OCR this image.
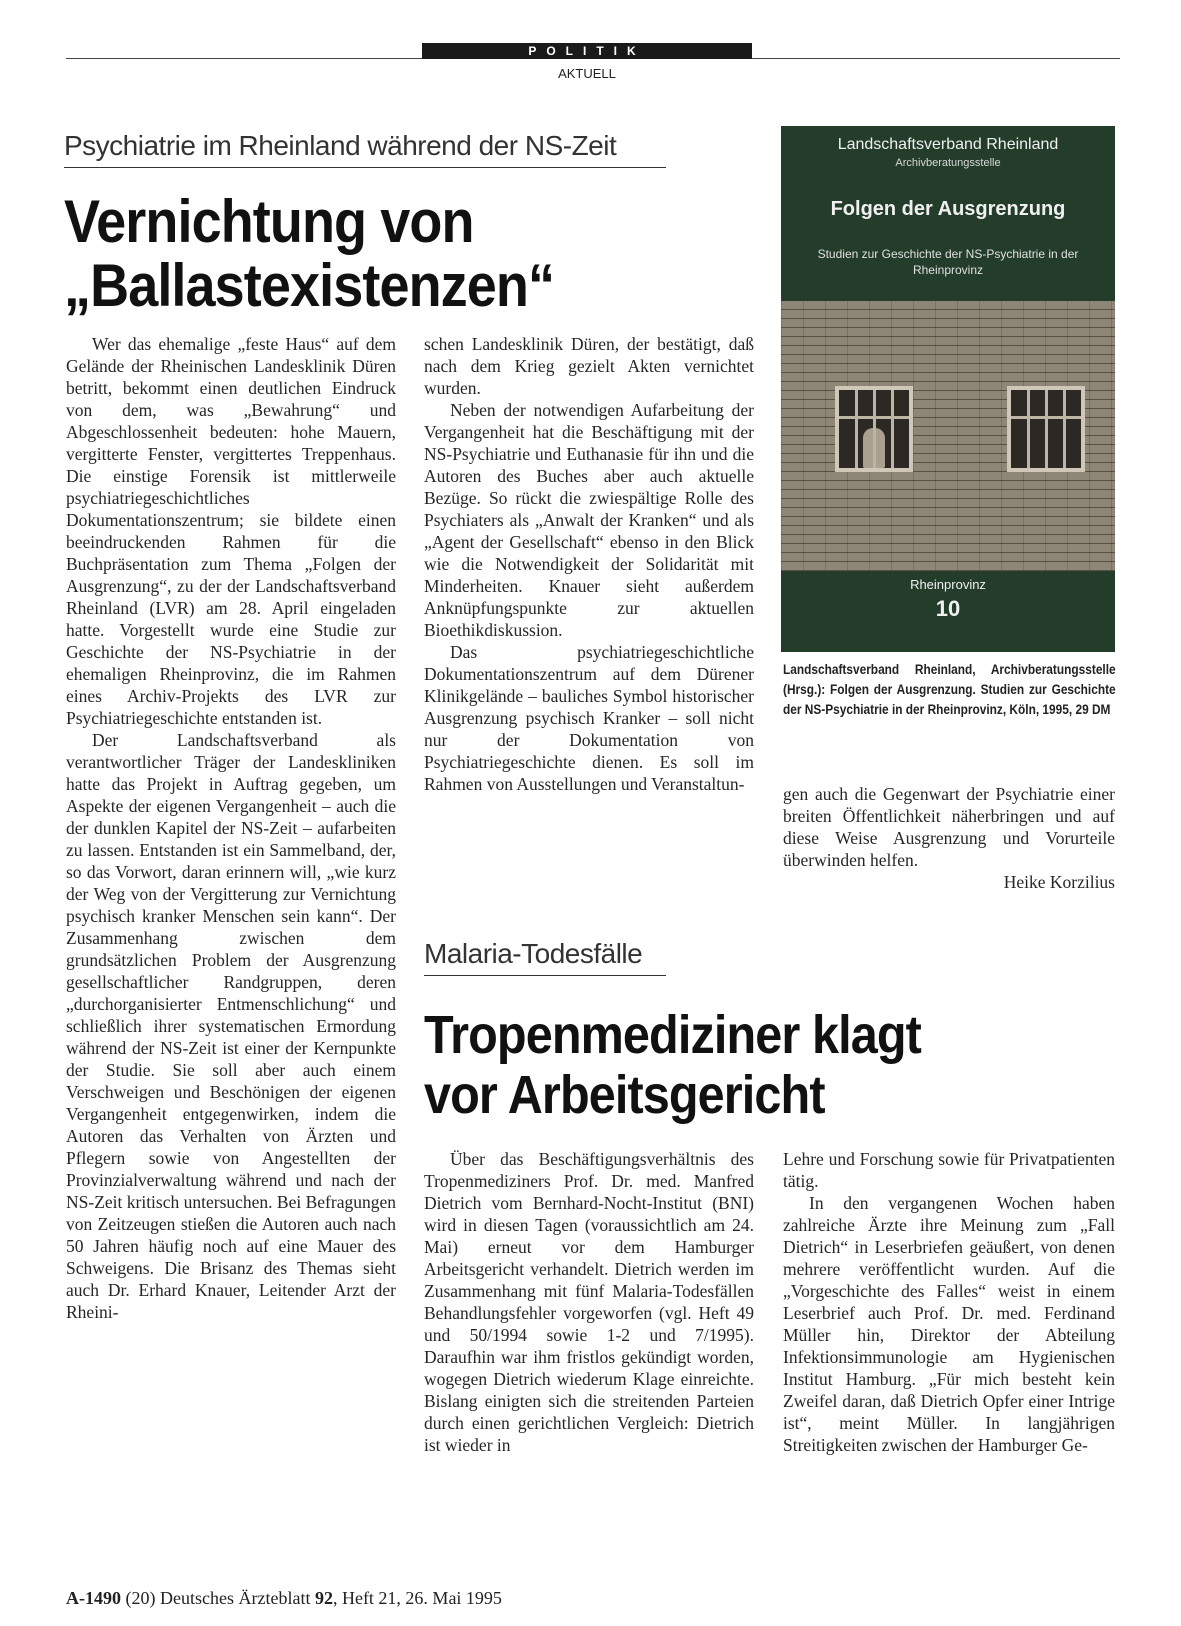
POLITIK
AKTUELL
Psychiatrie im Rheinland während der NS-Zeit
Vernichtung von
„Ballastexistenzen“

Wer das ehemalige „feste Haus“ auf dem Gelände der Rheinischen Landesklinik Düren betritt, bekommt einen deutlichen Eindruck von dem, was „Bewahrung“ und Abgeschlossenheit bedeuten: hohe Mauern, vergitterte Fenster, vergittertes Treppenhaus. Die einstige Forensik ist mittlerweile psychiatriegeschichtliches Dokumentationszentrum; sie bildete einen beeindruckenden Rahmen für die Buchpräsentation zum Thema „Folgen der Ausgrenzung“, zu der der Landschaftsverband Rheinland (LVR) am 28. April eingeladen hatte. Vorgestellt wurde eine Studie zur Geschichte der NS-Psychiatrie in der ehemaligen Rheinprovinz, die im Rahmen eines Archiv-Projekts des LVR zur Psychiatriegeschichte entstanden ist.

Der Landschaftsverband als verantwortlicher Träger der Landeskliniken hatte das Projekt in Auftrag gegeben, um Aspekte der eigenen Vergangenheit – auch die der dunklen Kapitel der NS-Zeit – aufarbeiten zu lassen. Entstanden ist ein Sammelband, der, so das Vorwort, daran erinnern will, „wie kurz der Weg von der Vergitterung zur Vernichtung psychisch kranker Menschen sein kann“. Der Zusammenhang zwischen dem grundsätzlichen Problem der Ausgrenzung gesellschaftlicher Randgruppen, deren „durchorganisierter Entmenschlichung“ und schließlich ihrer systematischen Ermordung während der NS-Zeit ist einer der Kernpunkte der Studie. Sie soll aber auch einem Verschweigen und Beschönigen der eigenen Vergangenheit entgegenwirken, indem die Autoren das Verhalten von Ärzten und Pflegern sowie von Angestellten der Provinzialverwaltung während und nach der NS-Zeit kritisch untersuchen. Bei Befragungen von Zeitzeugen stießen die Autoren auch nach 50 Jahren häufig noch auf eine Mauer des Schweigens. Die Brisanz des Themas sieht auch Dr. Erhard Knauer, Leitender Arzt der Rheini-

schen Landesklinik Düren, der bestätigt, daß nach dem Krieg gezielt Akten vernichtet wurden.

Neben der notwendigen Aufarbeitung der Vergangenheit hat die Beschäftigung mit der NS-Psychiatrie und Euthanasie für ihn und die Autoren des Buches aber auch aktuelle Bezüge. So rückt die zwiespältige Rolle des Psychiaters als „Anwalt der Kranken“ und als „Agent der Gesellschaft“ ebenso in den Blick wie die Notwendigkeit der Solidarität mit Minderheiten. Knauer sieht außerdem Anknüpfungspunkte zur aktuellen Bioethikdiskussion.

Das psychiatriegeschichtliche Dokumentationszentrum auf dem Dürener Klinikgelände – bauliches Symbol historischer Ausgrenzung psychisch Kranker – soll nicht nur der Dokumentation von Psychiatriegeschichte dienen. Es soll im Rahmen von Ausstellungen und Veranstaltun-

Landschaftsverband Rheinland
Archivberatungsstelle
Folgen der Ausgrenzung
Studien zur Geschichte der NS-Psychiatrie in der Rheinprovinz
Rheinprovinz
10
Landschaftsverband Rheinland, Archivberatungsstelle (Hrsg.): Folgen der Ausgrenzung. Studien zur Geschichte der NS-Psychiatrie in der Rheinprovinz, Köln, 1995, 29 DM

gen auch die Gegenwart der Psychiatrie einer breiten Öffentlichkeit näherbringen und auf diese Weise Ausgrenzung und Vorurteile überwinden helfen.

Heike Korzilius
Malaria-Todesfälle
Tropenmediziner klagt
vor Arbeitsgericht

Über das Beschäftigungsverhältnis des Tropenmediziners Prof. Dr. med. Manfred Dietrich vom Bernhard-Nocht-Institut (BNI) wird in diesen Tagen (voraussichtlich am 24. Mai) erneut vor dem Hamburger Arbeitsgericht verhandelt. Dietrich werden im Zusammenhang mit fünf Malaria-Todesfällen Behandlungsfehler vorgeworfen (vgl. Heft 49 und 50/1994 sowie 1-2 und 7/1995). Daraufhin war ihm fristlos gekündigt worden, wogegen Dietrich wiederum Klage einreichte. Bislang einigten sich die streitenden Parteien durch einen gerichtlichen Vergleich: Dietrich ist wieder in

Lehre und Forschung sowie für Privatpatienten tätig.

In den vergangenen Wochen haben zahlreiche Ärzte ihre Meinung zum „Fall Dietrich“ in Leserbriefen geäußert, von denen mehrere veröffentlicht wurden. Auf die „Vorgeschichte des Falles“ weist in einem Leserbrief auch Prof. Dr. med. Ferdinand Müller hin, Direktor der Abteilung Infektionsimmunologie am Hygienischen Institut Hamburg. „Für mich besteht kein Zweifel daran, daß Dietrich Opfer einer Intrige ist“, meint Müller. In langjährigen Streitigkeiten zwischen der Hamburger Ge-

A-1490 (20) Deutsches Ärzteblatt 92, Heft 21, 26. Mai 1995
